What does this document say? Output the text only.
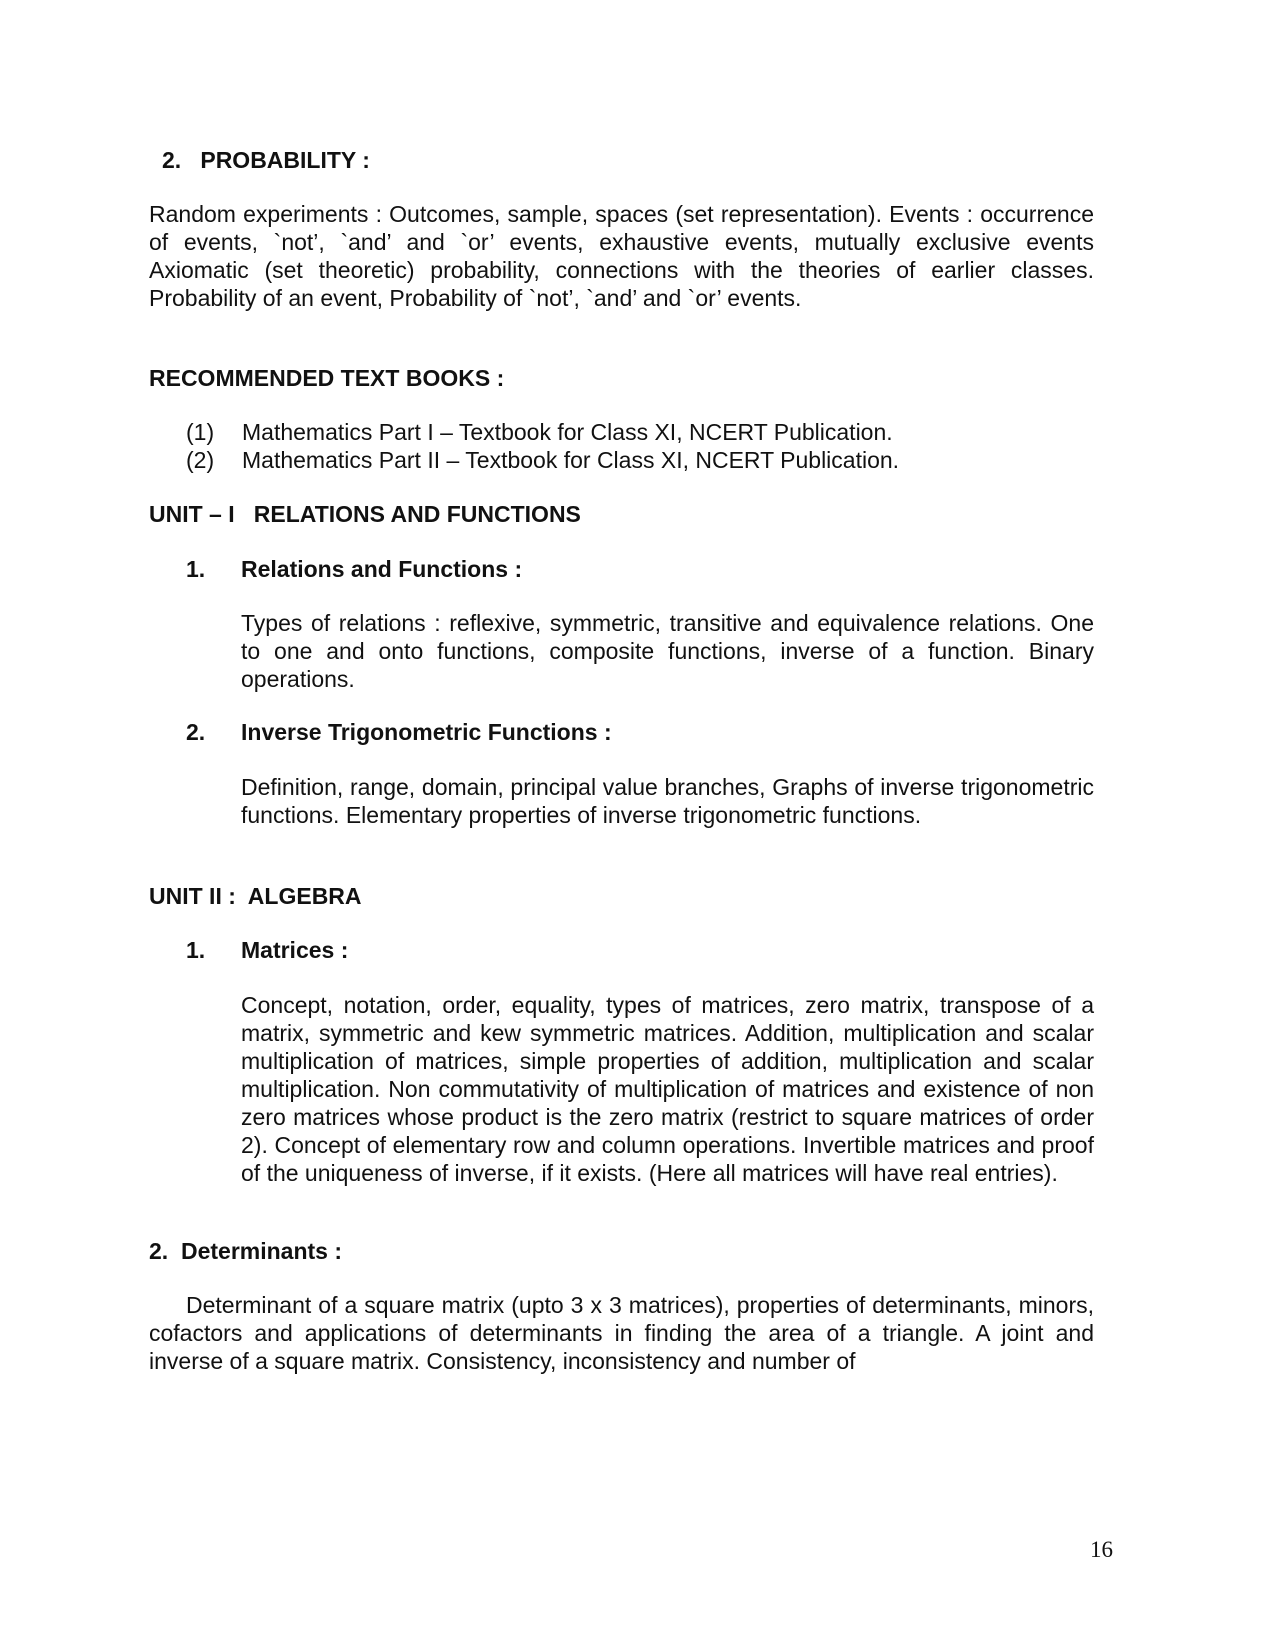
2.   PROBABILITY :
Random experiments : Outcomes, sample, spaces (set representation). Events : occurrence of events, `not’, `and’ and `or’ events, exhaustive events, mutually exclusive events Axiomatic (set theoretic) probability, connections with the theories of earlier classes. Probability of an event, Probability of `not’, `and’ and `or’ events.
RECOMMENDED TEXT BOOKS :
(1)	Mathematics Part I – Textbook for Class XI, NCERT Publication.
(2)	Mathematics Part II – Textbook for Class XI, NCERT Publication.
UNIT – I   RELATIONS AND FUNCTIONS
1. Relations and Functions :
Types of relations : reflexive, symmetric, transitive and equivalence relations. One to one and onto functions, composite functions, inverse of a function. Binary operations.
2. Inverse Trigonometric Functions :
Definition, range, domain, principal value branches, Graphs of inverse trigonometric functions. Elementary properties of inverse trigonometric functions.
UNIT II :  ALGEBRA
1. Matrices :
Concept, notation, order, equality, types of matrices, zero matrix, transpose of a matrix, symmetric and kew symmetric matrices. Addition, multiplication and scalar multiplication of matrices, simple properties of addition, multiplication and scalar multiplication. Non commutativity of multiplication of matrices and existence of non zero matrices whose product is the zero matrix (restrict to square matrices of order 2). Concept of elementary row and column operations. Invertible matrices and proof of the uniqueness of inverse, if it exists. (Here all matrices will have real entries).
2.  Determinants :
Determinant of a square matrix (upto 3 x 3 matrices), properties of determinants, minors, cofactors and applications of determinants in finding the area of a triangle. A joint and inverse of a square matrix. Consistency, inconsistency and number of
16
